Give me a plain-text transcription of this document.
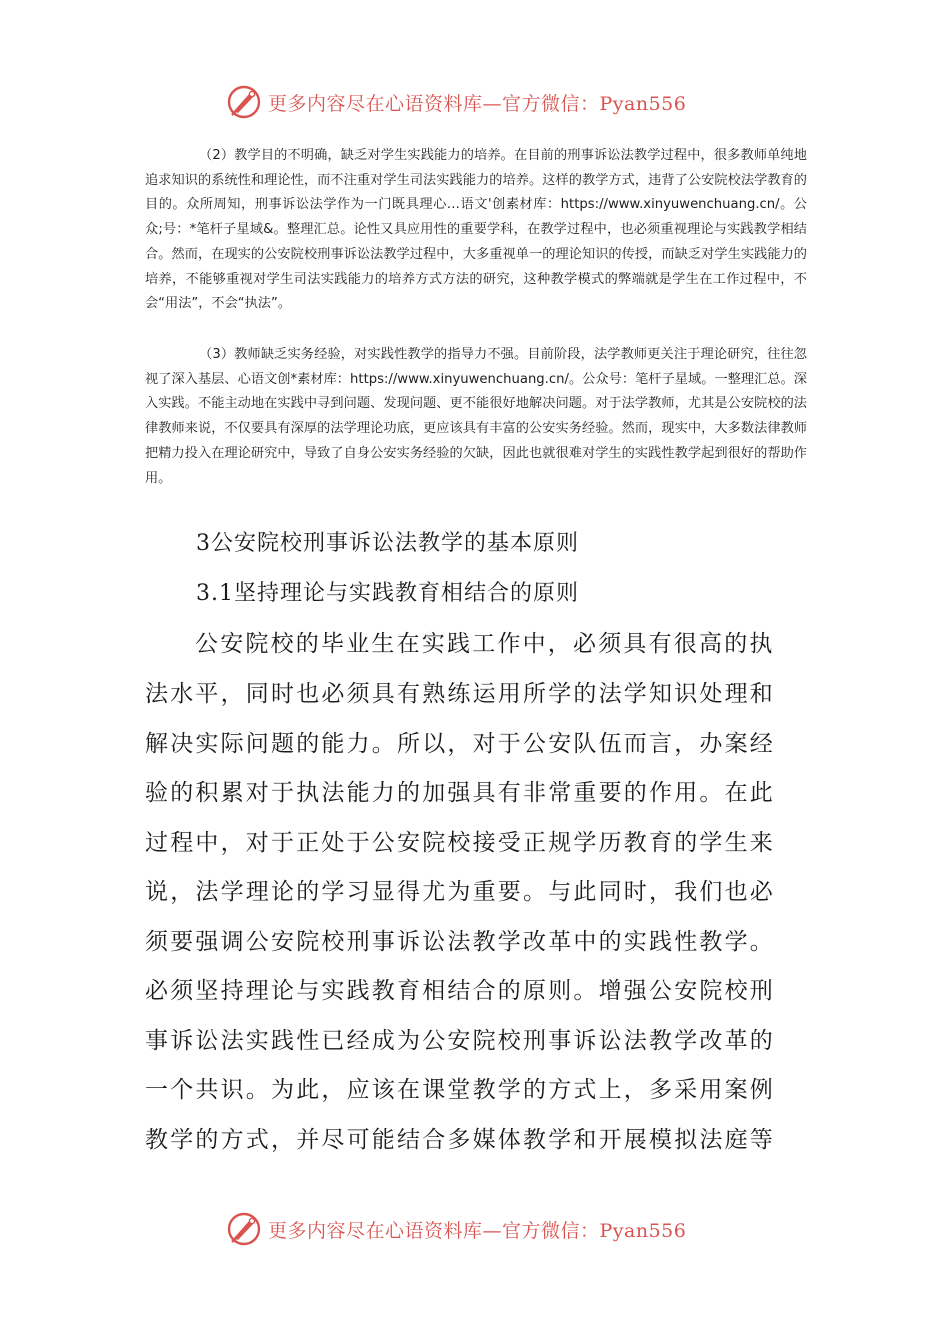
更多内容尽在心语资料库—官方微信：Pyan556

（2）教学目的不明确，缺乏对学生实践能力的培养。在目前的刑事诉讼法教学过程中，很多教师单纯地追求知识的系统性和理论性，而不注重对学生司法实践能力的培养。这样的教学方式，违背了公安院校法学教育的目的。众所周知，刑事诉讼法学作为一门既具理心…语文'创素材库：https://www.xinyuwenchuang.cn/。公众;号：*笔杆子星域&。整理汇总。论性又具应用性的重要学科，在教学过程中，也必须重视理论与实践教学相结合。然而，在现实的公安院校刑事诉讼法教学过程中，大多重视单一的理论知识的传授，而缺乏对学生实践能力的培养，不能够重视对学生司法实践能力的培养方式方法的研究，这种教学模式的弊端就是学生在工作过程中，不会“用法”，不会“执法”。

（3）教师缺乏实务经验，对实践性教学的指导力不强。目前阶段，法学教师更关注于理论研究，往往忽视了深入基层、心语文创*素材库：https://www.xinyuwenchuang.cn/。公众号：笔杆子星域。一整理汇总。深入实践。不能主动地在实践中寻到问题、发现问题、更不能很好地解决问题。对于法学教师，尤其是公安院校的法律教师来说，不仅要具有深厚的法学理论功底，更应该具有丰富的公安实务经验。然而，现实中，大多数法律教师把精力投入在理论研究中，导致了自身公安实务经验的欠缺，因此也就很难对学生的实践性教学起到很好的帮助作用。

3公安院校刑事诉讼法教学的基本原则
3.1坚持理论与实践教育相结合的原则

公安院校的毕业生在实践工作中，必须具有很高的执

法水平，同时也必须具有熟练运用所学的法学知识处理和

解决实际问题的能力。所以，对于公安队伍而言，办案经

验的积累对于执法能力的加强具有非常重要的作用。在此

过程中，对于正处于公安院校接受正规学历教育的学生来

说，法学理论的学习显得尤为重要。与此同时，我们也必

须要强调公安院校刑事诉讼法教学改革中的实践性教学。

必须坚持理论与实践教育相结合的原则。增强公安院校刑

事诉讼法实践性已经成为公安院校刑事诉讼法教学改革的

一个共识。为此，应该在课堂教学的方式上，多采用案例

教学的方式，并尽可能结合多媒体教学和开展模拟法庭等

更多内容尽在心语资料库—官方微信：Pyan556
